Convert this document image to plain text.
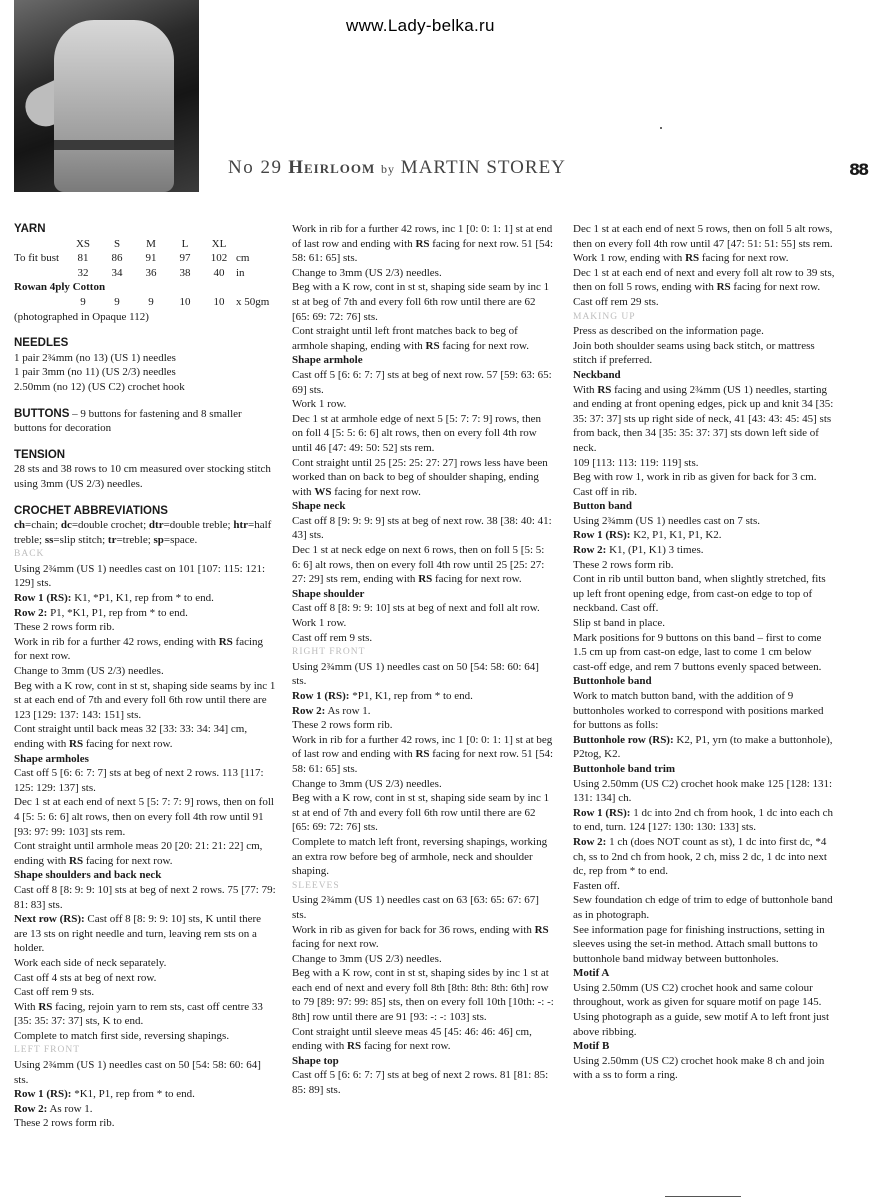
www.Lady-belka.ru
No 29 Heirloom by MARTIN STOREY	88

YARN

	XS	S	M	L	XL	
To fit bust	81	86	91	97	102	cm
	32	34	36	38	40	in
Rowan 4ply Cotton						
	9	9	9	10	10	x 50gm

(photographed in Opaque 112)

NEEDLES

1 pair 2¾mm (no 13) (US 1) needles

1 pair 3mm (no 11) (US 2/3) needles

2.50mm (no 12) (US C2) crochet hook

BUTTONS – 9 buttons for fastening and 8 smaller buttons for decoration

TENSION

28 sts and 38 rows to 10 cm measured over stocking stitch using 3mm (US 2/3) needles.

CROCHET ABBREVIATIONS

ch=chain; dc=double crochet; dtr=double treble; htr=half treble; ss=slip stitch; tr=treble; sp=space.

BACK

Using 2¾mm (US 1) needles cast on 101 [107: 115: 121: 129] sts.

Row 1 (RS): K1, *P1, K1, rep from * to end.

Row 2: P1, *K1, P1, rep from * to end.

These 2 rows form rib.

Work in rib for a further 42 rows, ending with RS facing for next row.

Change to 3mm (US 2/3) needles.

Beg with a K row, cont in st st, shaping side seams by inc 1 st at each end of 7th and every foll 6th row until there are 123 [129: 137: 143: 151] sts.

Cont straight until back meas 32 [33: 33: 34: 34] cm, ending with RS facing for next row.

Shape armholes

Cast off 5 [6: 6: 7: 7] sts at beg of next 2 rows. 113 [117: 125: 129: 137] sts.

Dec 1 st at each end of next 5 [5: 7: 7: 9] rows, then on foll 4 [5: 5: 6: 6] alt rows, then on every foll 4th row until 91 [93: 97: 99: 103] sts rem.

Cont straight until armhole meas 20 [20: 21: 21: 22] cm, ending with RS facing for next row.

Shape shoulders and back neck

Cast off 8 [8: 9: 9: 10] sts at beg of next 2 rows. 75 [77: 79: 81: 83] sts.

Next row (RS): Cast off 8 [8: 9: 9: 10] sts, K until there are 13 sts on right needle and turn, leaving rem sts on a holder.

Work each side of neck separately.

Cast off 4 sts at beg of next row.

Cast off rem 9 sts.

With RS facing, rejoin yarn to rem sts, cast off centre 33 [35: 35: 37: 37] sts, K to end.

Complete to match first side, reversing shapings.

LEFT FRONT

Using 2¾mm (US 1) needles cast on 50 [54: 58: 60: 64] sts.

Row 1 (RS): *K1, P1, rep from * to end.

Row 2: As row 1.

These 2 rows form rib.

Work in rib for a further 42 rows, inc 1 [0: 0: 1: 1] st at end of last row and ending with RS facing for next row. 51 [54: 58: 61: 65] sts.

Change to 3mm (US 2/3) needles.

Beg with a K row, cont in st st, shaping side seam by inc 1 st at beg of 7th and every foll 6th row until there are 62 [65: 69: 72: 76] sts.

Cont straight until left front matches back to beg of armhole shaping, ending with RS facing for next row.

Shape armhole

Cast off 5 [6: 6: 7: 7] sts at beg of next row. 57 [59: 63: 65: 69] sts.

Work 1 row.

Dec 1 st at armhole edge of next 5 [5: 7: 7: 9] rows, then on foll 4 [5: 5: 6: 6] alt rows, then on every foll 4th row until 46 [47: 49: 50: 52] sts rem.

Cont straight until 25 [25: 25: 27: 27] rows less have been worked than on back to beg of shoulder shaping, ending with WS facing for next row.

Shape neck

Cast off 8 [9: 9: 9: 9] sts at beg of next row. 38 [38: 40: 41: 43] sts.

Dec 1 st at neck edge on next 6 rows, then on foll 5 [5: 5: 6: 6] alt rows, then on every foll 4th row until 25 [25: 27: 27: 29] sts rem, ending with RS facing for next row.

Shape shoulder

Cast off 8 [8: 9: 9: 10] sts at beg of next and foll alt row.

Work 1 row.

Cast off rem 9 sts.

RIGHT FRONT

Using 2¾mm (US 1) needles cast on 50 [54: 58: 60: 64] sts.

Row 1 (RS): *P1, K1, rep from * to end.

Row 2: As row 1.

These 2 rows form rib.

Work in rib for a further 42 rows, inc 1 [0: 0: 1: 1] st at beg of last row and ending with RS facing for next row. 51 [54: 58: 61: 65] sts.

Change to 3mm (US 2/3) needles.

Beg with a K row, cont in st st, shaping side seam by inc 1 st at end of 7th and every foll 6th row until there are 62 [65: 69: 72: 76] sts.

Complete to match left front, reversing shapings, working an extra row before beg of armhole, neck and shoulder shaping.

SLEEVES

Using 2¾mm (US 1) needles cast on 63 [63: 65: 67: 67] sts.

Work in rib as given for back for 36 rows, ending with RS facing for next row.

Change to 3mm (US 2/3) needles.

Beg with a K row, cont in st st, shaping sides by inc 1 st at each end of next and every foll 8th [8th: 8th: 8th: 6th] row to 79 [89: 97: 99: 85] sts, then on every foll 10th [10th: -: -: 8th] row until there are 91 [93: -: -: 103] sts.

Cont straight until sleeve meas 45 [45: 46: 46: 46] cm, ending with RS facing for next row.

Shape top

Cast off 5 [6: 6: 7: 7] sts at beg of next 2 rows. 81 [81: 85: 85: 89] sts.

Dec 1 st at each end of next 5 rows, then on foll 5 alt rows, then on every foll 4th row until 47 [47: 51: 51: 55] sts rem.

Work 1 row, ending with RS facing for next row.

Dec 1 st at each end of next and every foll alt row to 39 sts, then on foll 5 rows, ending with RS facing for next row.

Cast off rem 29 sts.

MAKING UP

Press as described on the information page.

Join both shoulder seams using back stitch, or mattress stitch if preferred.

Neckband

With RS facing and using 2¾mm (US 1) needles, starting and ending at front opening edges, pick up and knit 34 [35: 35: 37: 37] sts up right side of neck, 41 [43: 43: 45: 45] sts from back, then 34 [35: 35: 37: 37] sts down left side of neck.

109 [113: 113: 119: 119] sts.

Beg with row 1, work in rib as given for back for 3 cm.

Cast off in rib.

Button band

Using 2¾mm (US 1) needles cast on 7 sts.

Row 1 (RS): K2, P1, K1, P1, K2.

Row 2: K1, (P1, K1) 3 times.

These 2 rows form rib.

Cont in rib until button band, when slightly stretched, fits up left front opening edge, from cast-on edge to top of neckband. Cast off.

Slip st band in place.

Mark positions for 9 buttons on this band – first to come 1.5 cm up from cast-on edge, last to come 1 cm below cast-off edge, and rem 7 buttons evenly spaced between.

Buttonhole band

Work to match button band, with the addition of 9 buttonholes worked to correspond with positions marked for buttons as folls:

Buttonhole row (RS): K2, P1, yrn (to make a buttonhole), P2tog, K2.

Buttonhole band trim

Using 2.50mm (US C2) crochet hook make 125 [128: 131: 131: 134] ch.

Row 1 (RS): 1 dc into 2nd ch from hook, 1 dc into each ch to end, turn. 124 [127: 130: 130: 133] sts.

Row 2: 1 ch (does NOT count as st), 1 dc into first dc, *4 ch, ss to 2nd ch from hook, 2 ch, miss 2 dc, 1 dc into next dc, rep from * to end.

Fasten off.

Sew foundation ch edge of trim to edge of buttonhole band as in photograph.

See information page for finishing instructions, setting in sleeves using the set-in method. Attach small buttons to buttonhole band midway between buttonholes.

Motif A

Using 2.50mm (US C2) crochet hook and same colour throughout, work as given for square motif on page 145.

Using photograph as a guide, sew motif A to left front just above ribbing.

Motif B

Using 2.50mm (US C2) crochet hook make 8 ch and join with a ss to form a ring.
